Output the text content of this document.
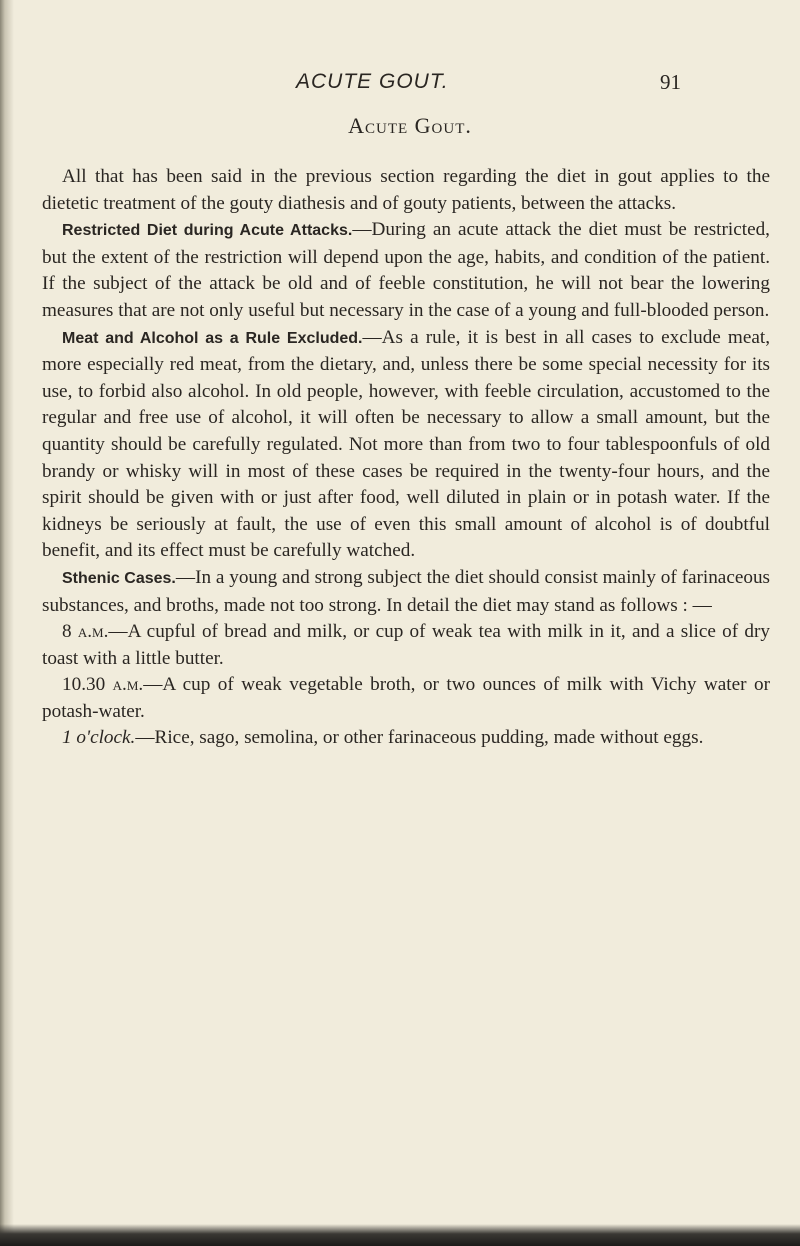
ACUTE GOUT.	91
Acute Gout.

All that has been said in the previous section regarding the diet in gout applies to the dietetic treatment of the gouty diathesis and of gouty patients, between the attacks.

Restricted Diet during Acute Attacks.—During an acute attack the diet must be restricted, but the extent of the restriction will depend upon the age, habits, and condition of the patient. If the subject of the attack be old and of feeble constitution, he will not bear the lowering measures that are not only useful but necessary in the case of a young and full-blooded person.

Meat and Alcohol as a Rule Excluded.—As a rule, it is best in all cases to exclude meat, more especially red meat, from the dietary, and, unless there be some special necessity for its use, to forbid also alcohol. In old people, however, with feeble circulation, accustomed to the regular and free use of alcohol, it will often be necessary to allow a small amount, but the quantity should be carefully regulated. Not more than from two to four tablespoonfuls of old brandy or whisky will in most of these cases be required in the twenty-four hours, and the spirit should be given with or just after food, well diluted in plain or in potash water. If the kidneys be seriously at fault, the use of even this small amount of alcohol is of doubtful benefit, and its effect must be carefully watched.

Sthenic Cases.—In a young and strong subject the diet should consist mainly of farinaceous substances, and broths, made not too strong. In detail the diet may stand as follows : —

8 a.m.—A cupful of bread and milk, or cup of weak tea with milk in it, and a slice of dry toast with a little butter.

10.30 a.m.—A cup of weak vegetable broth, or two ounces of milk with Vichy water or potash-water.

1 o'clock.—Rice, sago, semolina, or other farinaceous pudding, made without eggs.
